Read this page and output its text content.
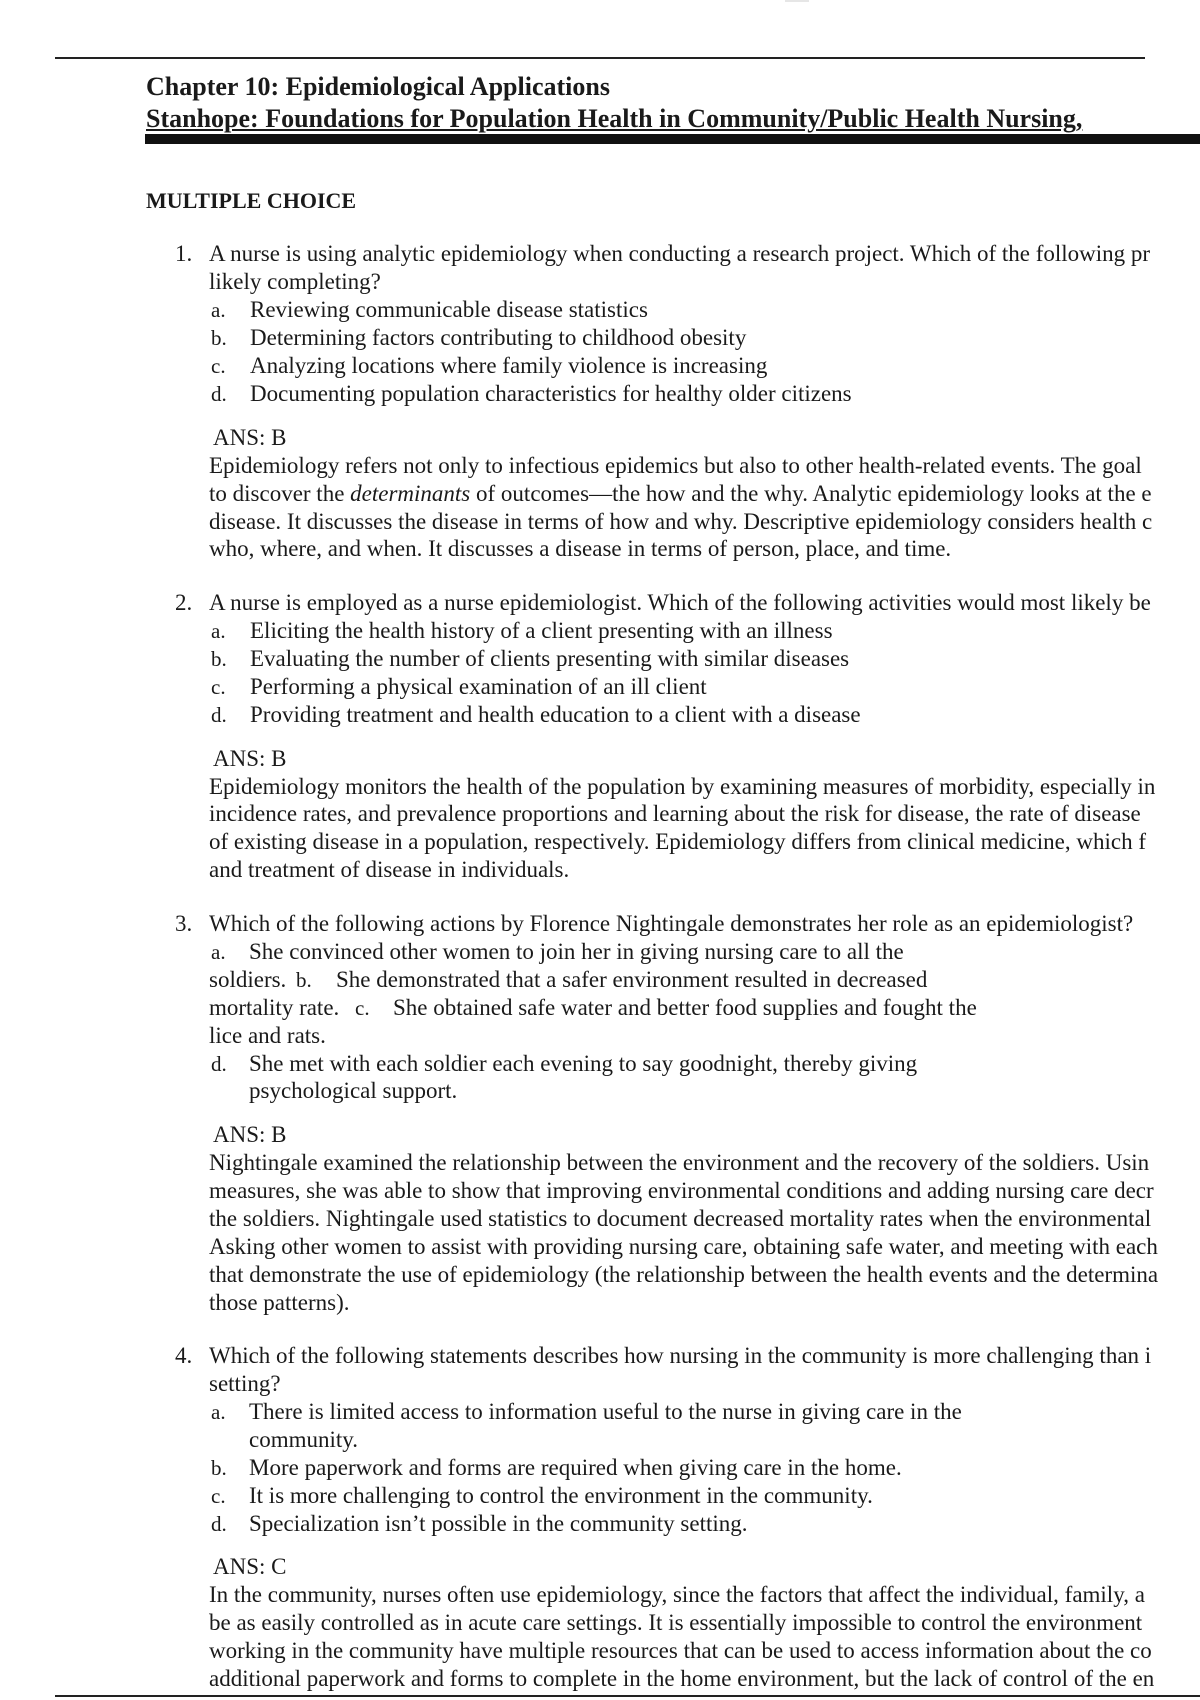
Chapter 10: Epidemiological Applications
Stanhope: Foundations for Population Health in Community/Public Health Nursing,
MULTIPLE CHOICE
1. A nurse is using analytic epidemiology when conducting a research project. Which of the following pr
likely completing?
a. Reviewing communicable disease statistics
b. Determining factors contributing to childhood obesity
c. Analyzing locations where family violence is increasing
d. Documenting population characteristics for healthy older citizens
ANS: B
Epidemiology refers not only to infectious epidemics but also to other health-related events. The goal
to discover the determinants of outcomes—the how and the why. Analytic epidemiology looks at the e
disease. It discusses the disease in terms of how and why. Descriptive epidemiology considers health c
who, where, and when. It discusses a disease in terms of person, place, and time.
2. A nurse is employed as a nurse epidemiologist. Which of the following activities would most likely be
a. Eliciting the health history of a client presenting with an illness
b. Evaluating the number of clients presenting with similar diseases
c. Performing a physical examination of an ill client
d. Providing treatment and health education to a client with a disease
ANS: B
Epidemiology monitors the health of the population by examining measures of morbidity, especially in
incidence rates, and prevalence proportions and learning about the risk for disease, the rate of disease
of existing disease in a population, respectively. Epidemiology differs from clinical medicine, which f
and treatment of disease in individuals.
3. Which of the following actions by Florence Nightingale demonstrates her role as an epidemiologist?
a. She convinced other women to join her in giving nursing care to all the
soldiers. b. She demonstrated that a safer environment resulted in decreased
mortality rate. c. She obtained safe water and better food supplies and fought the
lice and rats.
d. She met with each soldier each evening to say goodnight, thereby giving
psychological support.
ANS: B
Nightingale examined the relationship between the environment and the recovery of the soldiers. Usin
measures, she was able to show that improving environmental conditions and adding nursing care decr
the soldiers. Nightingale used statistics to document decreased mortality rates when the environmental
Asking other women to assist with providing nursing care, obtaining safe water, and meeting with each
that demonstrate the use of epidemiology (the relationship between the health events and the determina
those patterns).
4. Which of the following statements describes how nursing in the community is more challenging than i
setting?
a. There is limited access to information useful to the nurse in giving care in the
community.
b. More paperwork and forms are required when giving care in the home.
c. It is more challenging to control the environment in the community.
d. Specialization isn’t possible in the community setting.
ANS: C
In the community, nurses often use epidemiology, since the factors that affect the individual, family, a
be as easily controlled as in acute care settings. It is essentially impossible to control the environment
working in the community have multiple resources that can be used to access information about the co
additional paperwork and forms to complete in the home environment, but the lack of control of the en
